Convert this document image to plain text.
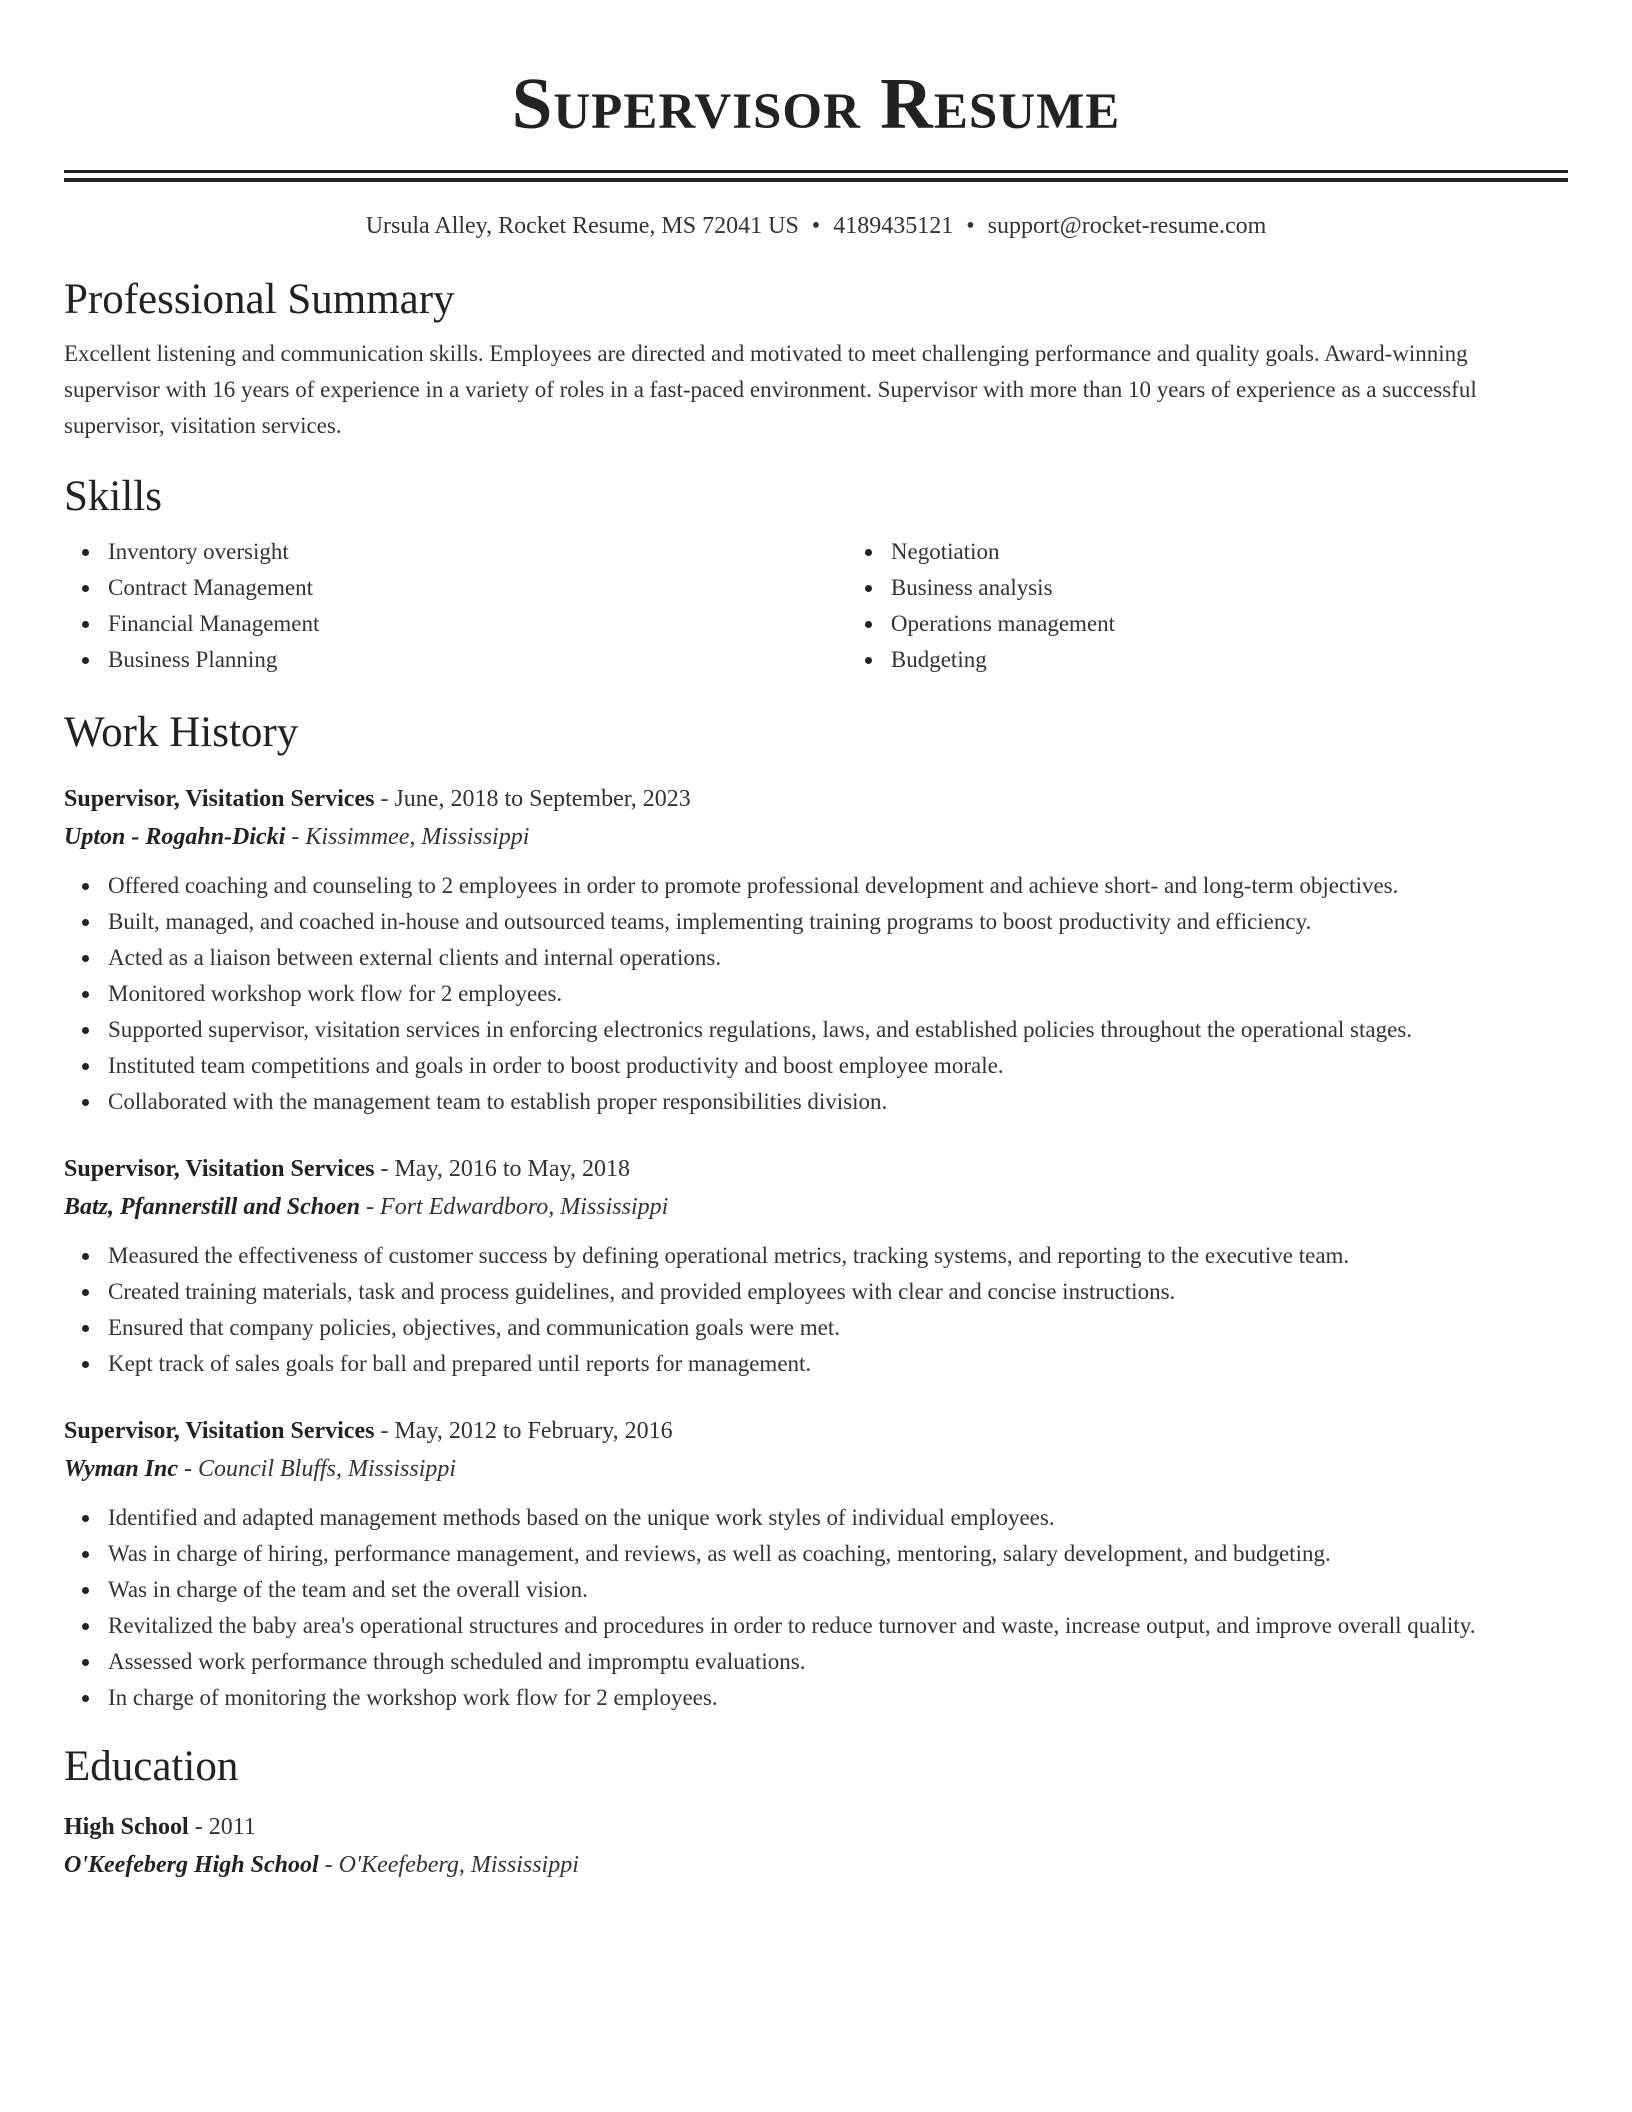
Supervisor Resume
Ursula Alley, Rocket Resume, MS 72041 US • 4189435121 • support@rocket-resume.com
Professional Summary
Excellent listening and communication skills. Employees are directed and motivated to meet challenging performance and quality goals. Award-winning supervisor with 16 years of experience in a variety of roles in a fast-paced environment. Supervisor with more than 10 years of experience as a successful supervisor, visitation services.
Skills
Inventory oversight
Contract Management
Financial Management
Business Planning
Negotiation
Business analysis
Operations management
Budgeting
Work History
Supervisor, Visitation Services - June, 2018 to September, 2023
Upton - Rogahn-Dicki - Kissimmee, Mississippi
Offered coaching and counseling to 2 employees in order to promote professional development and achieve short- and long-term objectives.
Built, managed, and coached in-house and outsourced teams, implementing training programs to boost productivity and efficiency.
Acted as a liaison between external clients and internal operations.
Monitored workshop work flow for 2 employees.
Supported supervisor, visitation services in enforcing electronics regulations, laws, and established policies throughout the operational stages.
Instituted team competitions and goals in order to boost productivity and boost employee morale.
Collaborated with the management team to establish proper responsibilities division.
Supervisor, Visitation Services - May, 2016 to May, 2018
Batz, Pfannerstill and Schoen - Fort Edwardboro, Mississippi
Measured the effectiveness of customer success by defining operational metrics, tracking systems, and reporting to the executive team.
Created training materials, task and process guidelines, and provided employees with clear and concise instructions.
Ensured that company policies, objectives, and communication goals were met.
Kept track of sales goals for ball and prepared until reports for management.
Supervisor, Visitation Services - May, 2012 to February, 2016
Wyman Inc - Council Bluffs, Mississippi
Identified and adapted management methods based on the unique work styles of individual employees.
Was in charge of hiring, performance management, and reviews, as well as coaching, mentoring, salary development, and budgeting.
Was in charge of the team and set the overall vision.
Revitalized the baby area's operational structures and procedures in order to reduce turnover and waste, increase output, and improve overall quality.
Assessed work performance through scheduled and impromptu evaluations.
In charge of monitoring the workshop work flow for 2 employees.
Education
High School - 2011
O'Keefeberg High School - O'Keefeberg, Mississippi
